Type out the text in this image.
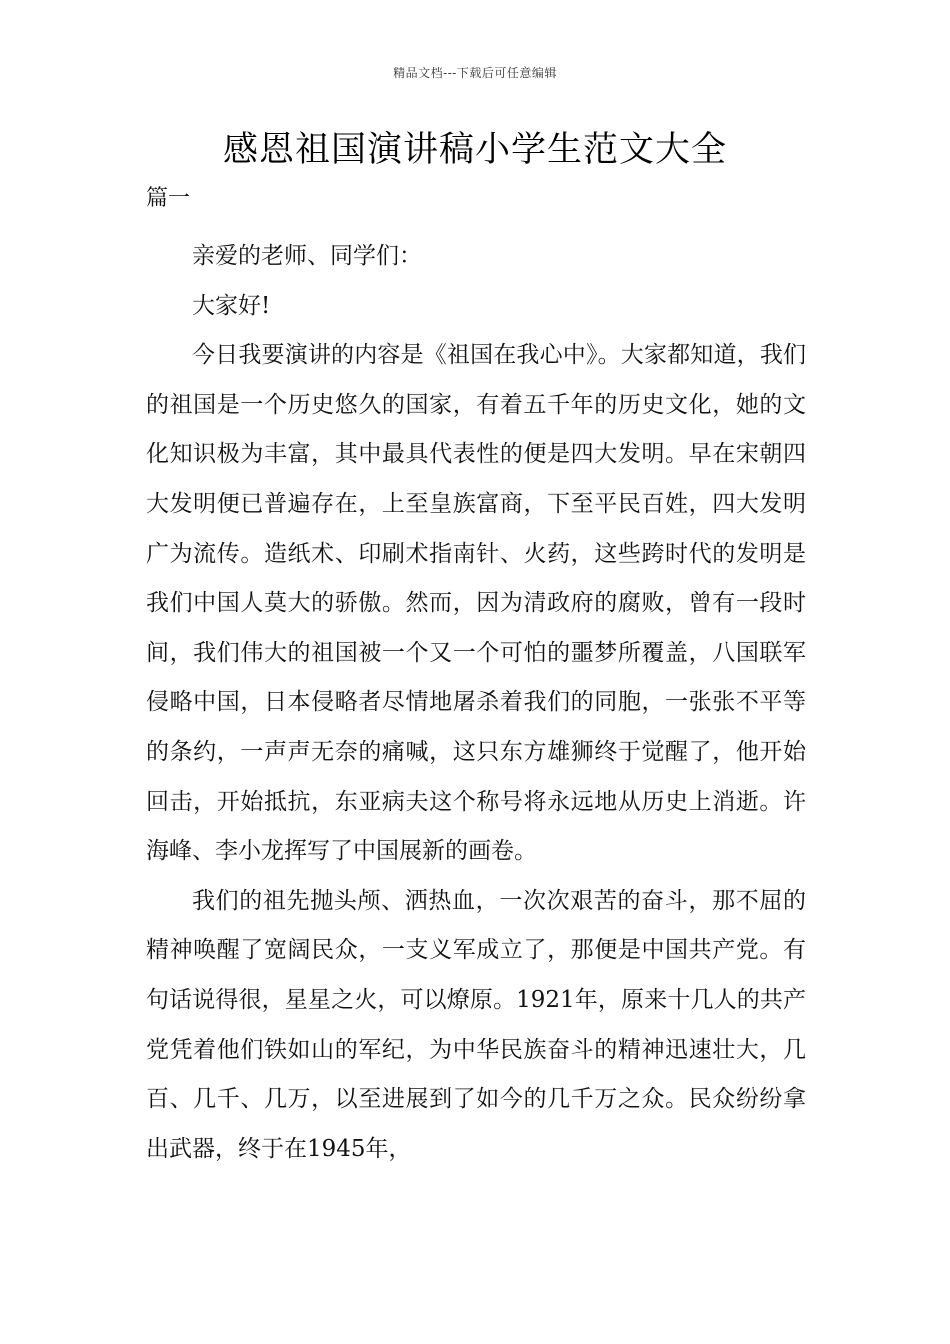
精品文档---下载后可任意编辑
感恩祖国演讲稿小学生范文大全
篇一

亲爱的老师、同学们：

大家好!

今日我要演讲的内容是《祖国在我心中》。大家都知道，我们的祖国是一个历史悠久的国家，有着五千年的历史文化，她的文化知识极为丰富，其中最具代表性的便是四大发明。早在宋朝四大发明便已普遍存在，上至皇族富商，下至平民百姓，四大发明广为流传。造纸术、印刷术指南针、火药，这些跨时代的发明是我们中国人莫大的骄傲。然而，因为清政府的腐败，曾有一段时间，我们伟大的祖国被一个又一个可怕的噩梦所覆盖，八国联军侵略中国，日本侵略者尽情地屠杀着我们的同胞，一张张不平等的条约，一声声无奈的痛喊，这只东方雄狮终于觉醒了，他开始回击，开始抵抗，东亚病夫这个称号将永远地从历史上消逝。许海峰、李小龙挥写了中国展新的画卷。

我们的祖先抛头颅、洒热血，一次次艰苦的奋斗，那不屈的精神唤醒了宽阔民众，一支义军成立了，那便是中国共产党。有句话说得很，星星之火，可以燎原。1921年，原来十几人的共产党凭着他们铁如山的军纪，为中华民族奋斗的精神迅速壮大，几百、几千、几万，以至进展到了如今的几千万之众。民众纷纷拿出武器，终于在1945年，
